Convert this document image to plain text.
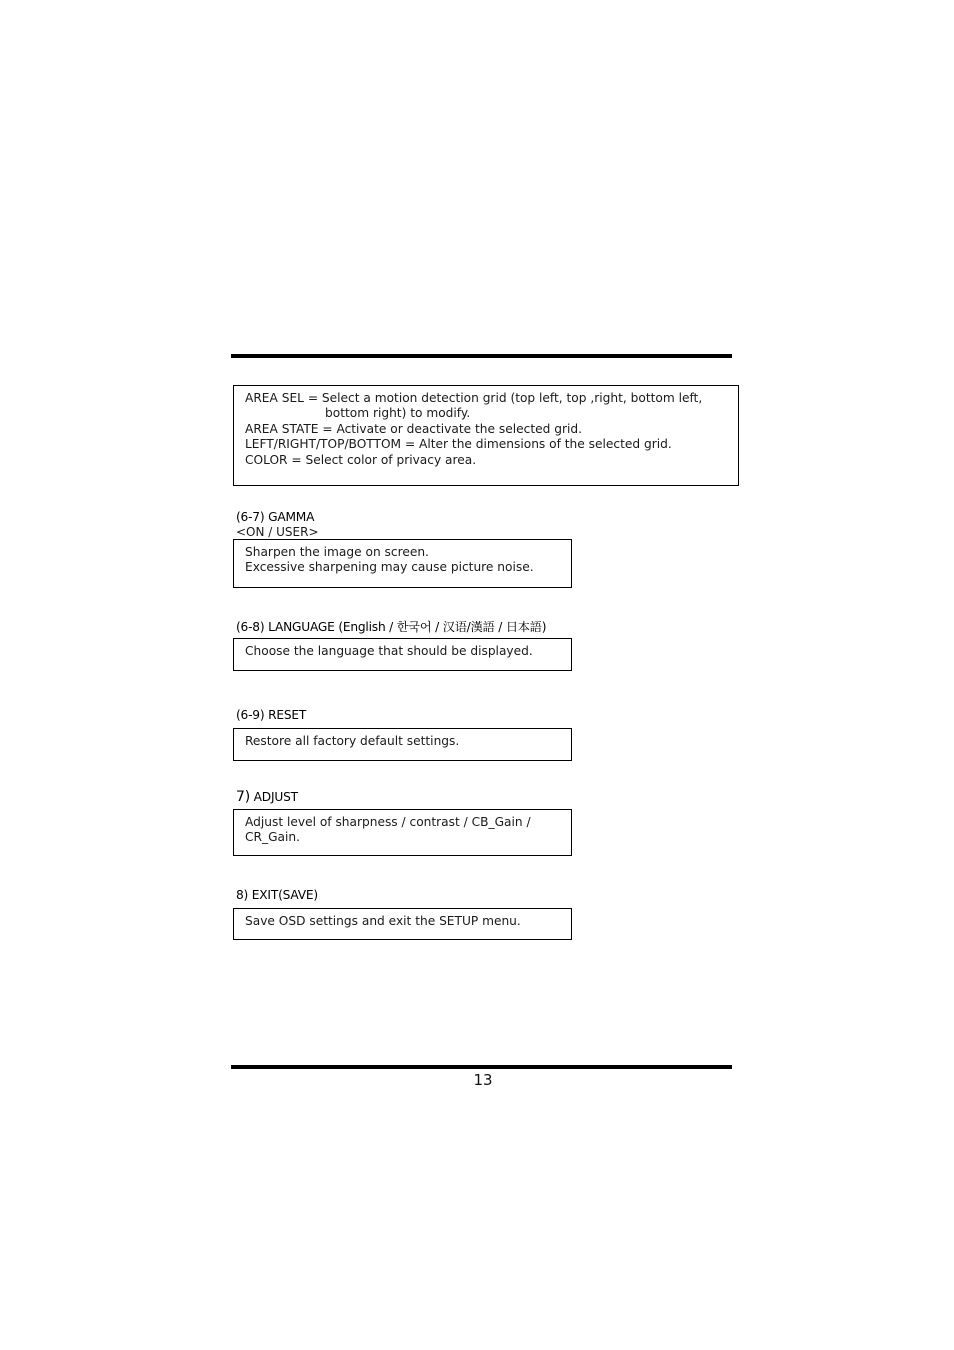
AREA SEL = Select a motion detection grid (top left, top ,right, bottom left,
bottom right) to modify.
AREA STATE = Activate or deactivate the selected grid.
LEFT/RIGHT/TOP/BOTTOM = Alter the dimensions of the selected grid.
COLOR = Select color of privacy area.
(6-7) GAMMA
<ON / USER>
Sharpen the image on screen.
Excessive sharpening may cause picture noise.
(6-8) LANGUAGE (English / 한국어 / 汉语/漢語 / 日本語)
Choose the language that should be displayed.
(6-9) RESET
Restore all factory default settings.
7) ADJUST
Adjust level of sharpness / contrast / CB_Gain /
CR_Gain.
8) EXIT(SAVE)
Save OSD settings and exit the SETUP menu.
13
